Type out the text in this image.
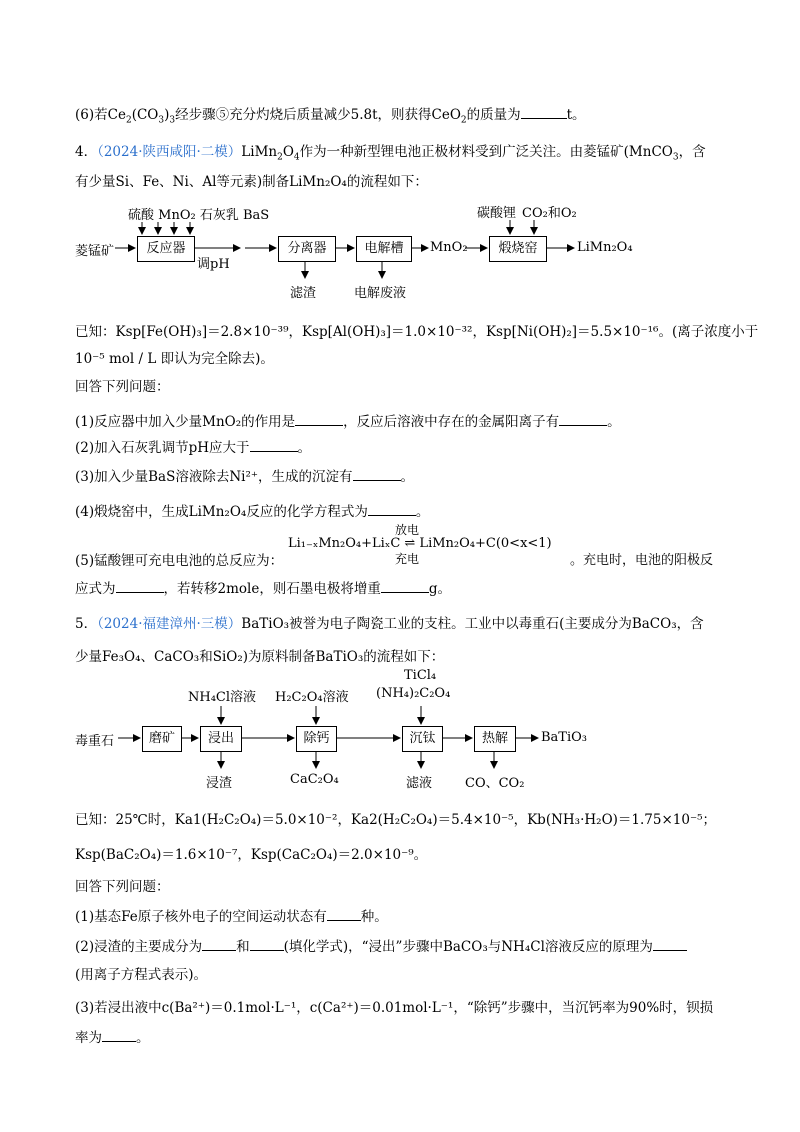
(6)若$Ce_2(CO_3)_3$经步骤⑤充分灼烧后质量减少5.8t，则获得CeO$_2$的质量为	t。
4．（2024·陕西咸阳·二模）$LiMn_2O_4$作为一种新型锂电池正极材料受到广泛关注。由菱锰矿(MnCO$_3$，含
有少量Si、Fe、Ni、Al等元素)制备LiMn₂O₄的流程如下：
菱锰矿
硫酸 MnO₂ 石灰乳 BaS
反应器
调pH
分离器	电解槽	MnO₂	煅烧窑	LiMn₂O₄
碳酸锂 CO₂和O₂
滤渣	电解废液
已知：Ksp[Fe(OH)₃]＝2.8×10⁻³⁹，Ksp[Al(OH)₃]＝1.0×10⁻³²，Ksp[Ni(OH)₂]＝5.5×10⁻¹⁶。(离子浓度小于
10⁻⁵ mol / L 即认为完全除去)。
回答下列问题：
(1)反应器中加入少量MnO₂的作用是	，反应后溶液中存在的金属阳离子有	。
(2)加入石灰乳调节pH应大于	。
(3)加入少量BaS溶液除去Ni²⁺，生成的沉淀有	。
(4)煅烧窑中，生成LiMn₂O₄反应的化学方程式为	。
放电
Li₁₋ₓMn₂O₄+LiₓC ⇌ LiMn₂O₄+C(0<x<1)
充电
(5)锰酸锂可充电电池的总反应为：	。充电时，电池的阳极反
应式为	，若转移2mole，则石墨电极将增重	g。
5．（2024·福建漳州·三模）BaTiO₃被誉为电子陶瓷工业的支柱。工业中以毒重石(主要成分为BaCO₃，含
少量Fe₃O₄、CaCO₃和SiO₂)为原料制备BaTiO₃的流程如下：
毒重石	磨矿	浸出	除钙	沉钛	热解	BaTiO₃
NH₄Cl溶液 H₂C₂O₄溶液
TiCl₄
(NH₄)₂C₂O₄
浸渣	CaC₂O₄	滤液	CO、CO₂
已知：25℃时，Ka1(H₂C₂O₄)＝5.0×10⁻²，Ka2(H₂C₂O₄)＝5.4×10⁻⁵，Kb(NH₃·H₂O)＝1.75×10⁻⁵；
Ksp(BaC₂O₄)＝1.6×10⁻⁷，Ksp(CaC₂O₄)＝2.0×10⁻⁹。
回答下列问题：
(1)基态Fe原子核外电子的空间运动状态有	种。
(2)浸渣的主要成分为	和	(填化学式)，“浸出”步骤中BaCO₃与NH₄Cl溶液反应的原理为
(用离子方程式表示)。
(3)若浸出液中c(Ba²⁺)＝0.1mol·L⁻¹，c(Ca²⁺)＝0.01mol·L⁻¹，“除钙”步骤中，当沉钙率为90%时，钡损
率为	。
